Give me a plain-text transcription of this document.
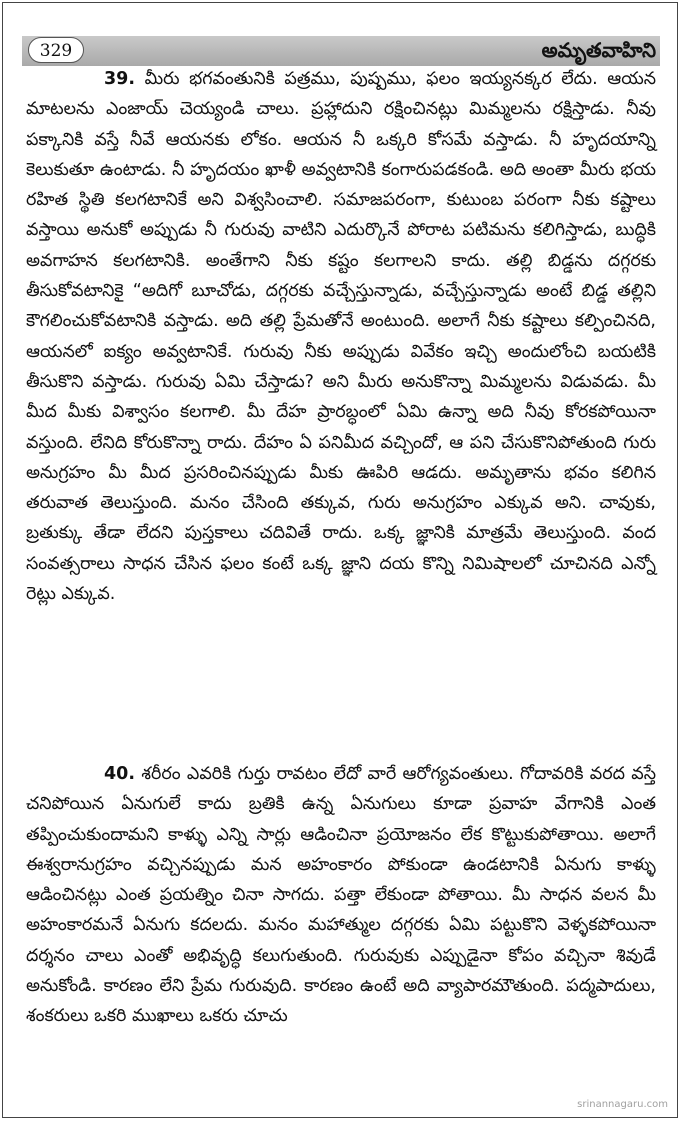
329	అమృతవాహిని
39. మీరు భగవంతునికి పత్రము, పుష్పము, ఫలం ఇయ్యనక్కర లేదు. ఆయన మాటలను ఎంజాయ్ చెయ్యండి చాలు. ప్రహ్లాదుని రక్షించినట్లు మిమ్మలను రక్షిస్తాడు. నీవు పక్కానికి వస్తే నీవే ఆయనకు లోకం. ఆయన నీ ఒక్కరి కోసమే వస్తాడు. నీ హృదయాన్ని కెలుకుతూ ఉంటాడు. నీ హృదయం ఖాళీ అవ్వటానికి కంగారుపడకండి. అది అంతా మీరు భయ రహిత స్థితి కలగటానికే అని విశ్వసించాలి. సమాజపరంగా, కుటుంబ పరంగా నీకు కష్టాలు వస్తాయి అనుకో అప్పుడు నీ గురువు వాటిని ఎదుర్కొనే పోరాట పటిమను కలిగిస్తాడు, బుద్ధికి అవగాహన కలగటానికి. అంతేగాని నీకు కష్టం కలగాలని కాదు. తల్లి బిడ్డను దగ్గరకు తీసుకోవటానికై “అదిగో బూచోడు, దగ్గరకు వచ్చేస్తున్నాడు, వచ్చేస్తున్నాడు అంటే బిడ్డ తల్లిని కౌగలించుకోవటానికి వస్తాడు. అది తల్లి ప్రేమతోనే అంటుంది. అలాగే నీకు కష్టాలు కల్పించినది, ఆయనలో ఐక్యం అవ్వటానికే. గురువు నీకు అప్పుడు వివేకం ఇచ్చి అందులోంచి బయటికి తీసుకొని వస్తాడు. గురువు ఏమి చేస్తాడు? అని మీరు అనుకొన్నా మిమ్మలను విడువడు. మీ మీద మీకు విశ్వాసం కలగాలి. మీ దేహ ప్రారబ్ధంలో ఏమి ఉన్నా అది నీవు కోరకపోయినా వస్తుంది. లేనిది కోరుకొన్నా రాదు. దేహం ఏ పనిమీద వచ్చిందో, ఆ పని చేసుకొనిపోతుంది గురు అనుగ్రహం మీ మీద ప్రసరించినప్పుడు మీకు ఊపిరి ఆడదు. అమృతాను భవం కలిగిన తరువాత తెలుస్తుంది. మనం చేసింది తక్కువ, గురు అనుగ్రహం ఎక్కువ అని. చావుకు, బ్రతుక్కు తేడా లేదని పుస్తకాలు చదివితే రాదు. ఒక్క జ్ఞానికి మాత్రమే తెలుస్తుంది. వంద సంవత్సరాలు సాధన చేసిన ఫలం కంటే ఒక్క జ్ఞాని దయ కొన్ని నిమిషాలలో చూచినది ఎన్నో రెట్లు ఎక్కువ.
40. శరీరం ఎవరికి గుర్తు రావటం లేదో వారే ఆరోగ్యవంతులు. గోదావరికి వరద వస్తే చనిపోయిన ఏనుగులే కాదు బ్రతికి ఉన్న ఏనుగులు కూడా ప్రవాహ వేగానికి ఎంత తప్పించుకుందామని కాళ్ళు ఎన్ని సార్లు ఆడించినా ప్రయోజనం లేక కొట్టుకుపోతాయి. అలాగే ఈశ్వరానుగ్రహం వచ్చినప్పుడు మన అహంకారం పోకుండా ఉండటానికి ఏనుగు కాళ్ళు ఆడించినట్లు ఎంత ప్రయత్నిం చినా సాగదు. పత్తా లేకుండా పోతాయి. మీ సాధన వలన మీ అహంకారమనే ఏనుగు కదలదు. మనం మహాత్ముల దగ్గరకు ఏమి పట్టుకొని వెళ్ళకపోయినా దర్శనం చాలు ఎంతో అభివృద్ధి కలుగుతుంది. గురువుకు ఎప్పుడైనా కోపం వచ్చినా శివుడే అనుకోండి. కారణం లేని ప్రేమ గురువుది. కారణం ఉంటే అది వ్యాపారమౌతుంది. పద్మపాదులు, శంకరులు ఒకరి ముఖాలు ఒకరు చూచు
srinannagaru.com
